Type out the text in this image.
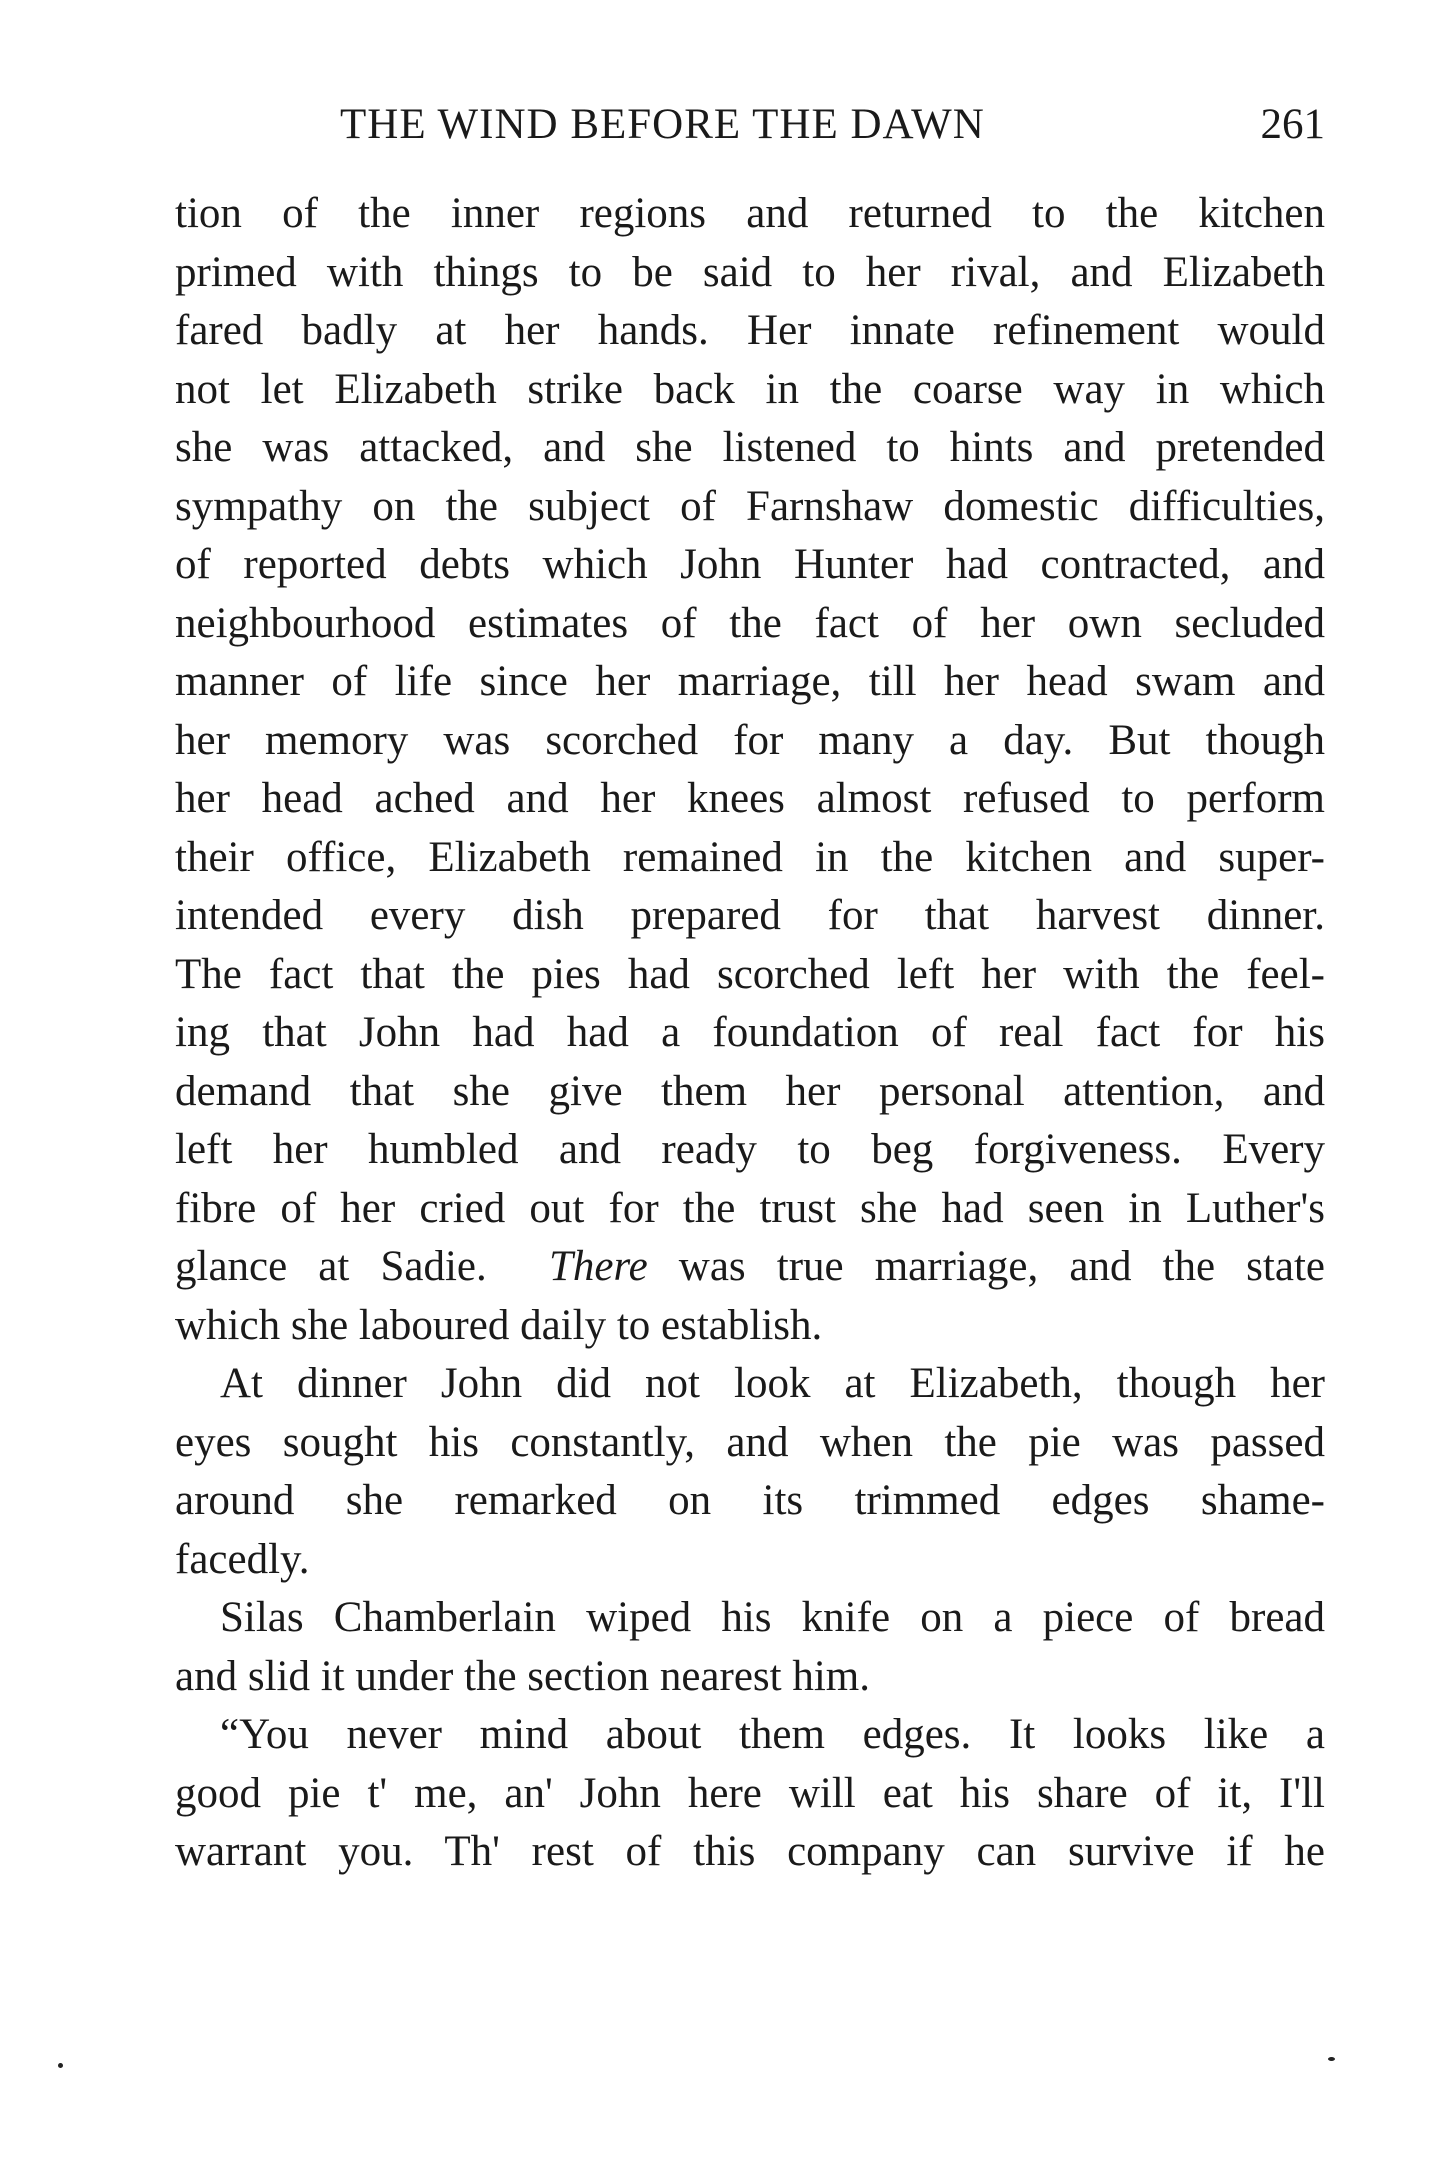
THE WIND BEFORE THE DAWN	261
tion of the inner regions and returned to the kitchen
primed with things to be said to her rival, and Elizabeth
fared badly at her hands. Her innate refinement would
not let Elizabeth strike back in the coarse way in which
she was attacked, and she listened to hints and pretended
sympathy on the subject of Farnshaw domestic difficulties,
of reported debts which John Hunter had contracted, and
neighbourhood estimates of the fact of her own secluded
manner of life since her marriage, till her head swam and
her memory was scorched for many a day. But though
her head ached and her knees almost refused to perform
their office, Elizabeth remained in the kitchen and super-
intended every dish prepared for that harvest dinner.
The fact that the pies had scorched left her with the feel-
ing that John had had a foundation of real fact for his
demand that she give them her personal attention, and
left her humbled and ready to beg forgiveness. Every
fibre of her cried out for the trust she had seen in Luther's
glance at Sadie.  There was true marriage, and the state
which she laboured daily to establish.
At dinner John did not look at Elizabeth, though her
eyes sought his constantly, and when the pie was passed
around she remarked on its trimmed edges shame-
facedly.
Silas Chamberlain wiped his knife on a piece of bread
and slid it under the section nearest him.
“You never mind about them edges. It looks like a
good pie t' me, an' John here will eat his share of it, I'll
warrant you. Th' rest of this company can survive if he
